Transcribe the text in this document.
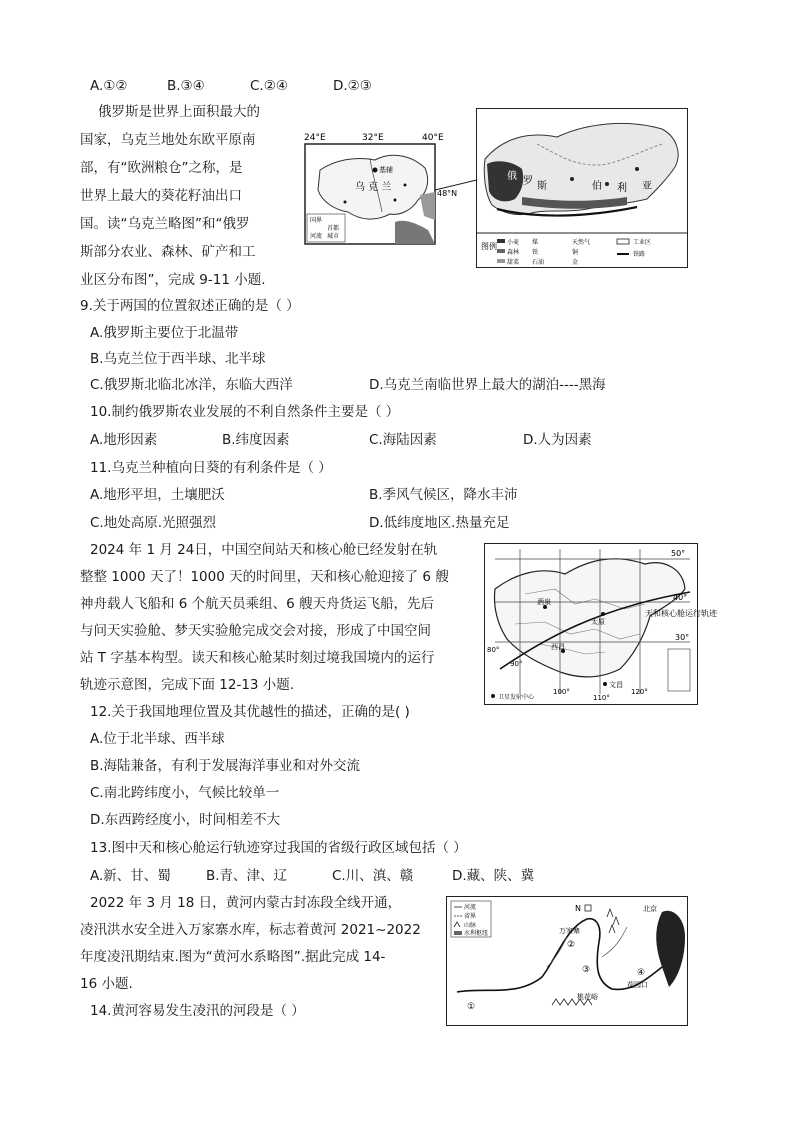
A.①②	B.③④	C.②④	D.②③
俄罗斯是世界上面积最大的
国家，乌克兰地处东欧平原南
部，有“欧洲粮仓”之称，是
世界上最大的葵花籽油出口
国。读“乌克兰略图”和“俄罗
斯部分农业、森林、矿产和工
业区分布图”，完成 9-11 小题.
24°E	32°E	40°E
基辅
乌 克 兰
48°N
国界
首都
河流 城市
俄 罗 斯	伯 利 亚
图例 小麦
森林
甜菜
煤
铁
石油
天然气
铜
金
工业区
铁路
9.关于两国的位置叙述正确的是（ ）
A.俄罗斯主要位于北温带
B.乌克兰位于西半球、北半球
C.俄罗斯北临北冰洋，东临大西洋	D.乌克兰南临世界上最大的湖泊----黑海
10.制约俄罗斯农业发展的不利自然条件主要是（ ）
A.地形因素	B.纬度因素	C.海陆因素	D.人为因素
11.乌克兰种植向日葵的有利条件是（ ）
A.地形平坦，土壤肥沃	B.季风气候区，降水丰沛
C.地处高原.光照强烈	D.低纬度地区.热量充足
2024 年 1 月 24日，中国空间站天和核心舱已经发射在轨
整整 1000 天了！1000 天的时间里，天和核心舱迎接了 6 艘
神舟载人飞船和 6 个航天员乘组、6 艘天舟货运飞船，先后
与问天实验舱、梦天实验舱完成交会对接，形成了中国空间
站 T 字基本构型。读天和核心舱某时刻过境我国境内的运行
轨迹示意图，完成下面 12-13 小题.
50°
40°
30°
80°
90°
100°
110°
120°
天和核心舱运行轨迹
酒泉
西昌
文昌
太原
卫星发射中心
12.关于我国地理位置及其优越性的描述，正确的是( )
A.位于北半球、西半球
B.海陆兼备，有利于发展海洋事业和对外交流
C.南北跨纬度小，气候比较单一
D.东西跨经度小，时间相差不大
13.图中天和核心舱运行轨迹穿过我国的省级行政区域包括（ ）
A.新、甘、蜀	B.青、津、辽	C.川、滇、赣	D.藏、陕、冀
2022 年 3 月 18 日，黄河内蒙古封冻段全线开通，
凌汛洪水安全进入万家寨水库，标志着黄河 2021~2022
年度凌汛期结束.图为“黄河水系略图”.据此完成 14-
16 小题.
河流
省界
山脉
水利枢纽
N
万家寨
北京
花园口
桃花峪
①
②
③	④
14.黄河容易发生凌汛的河段是（ ）
